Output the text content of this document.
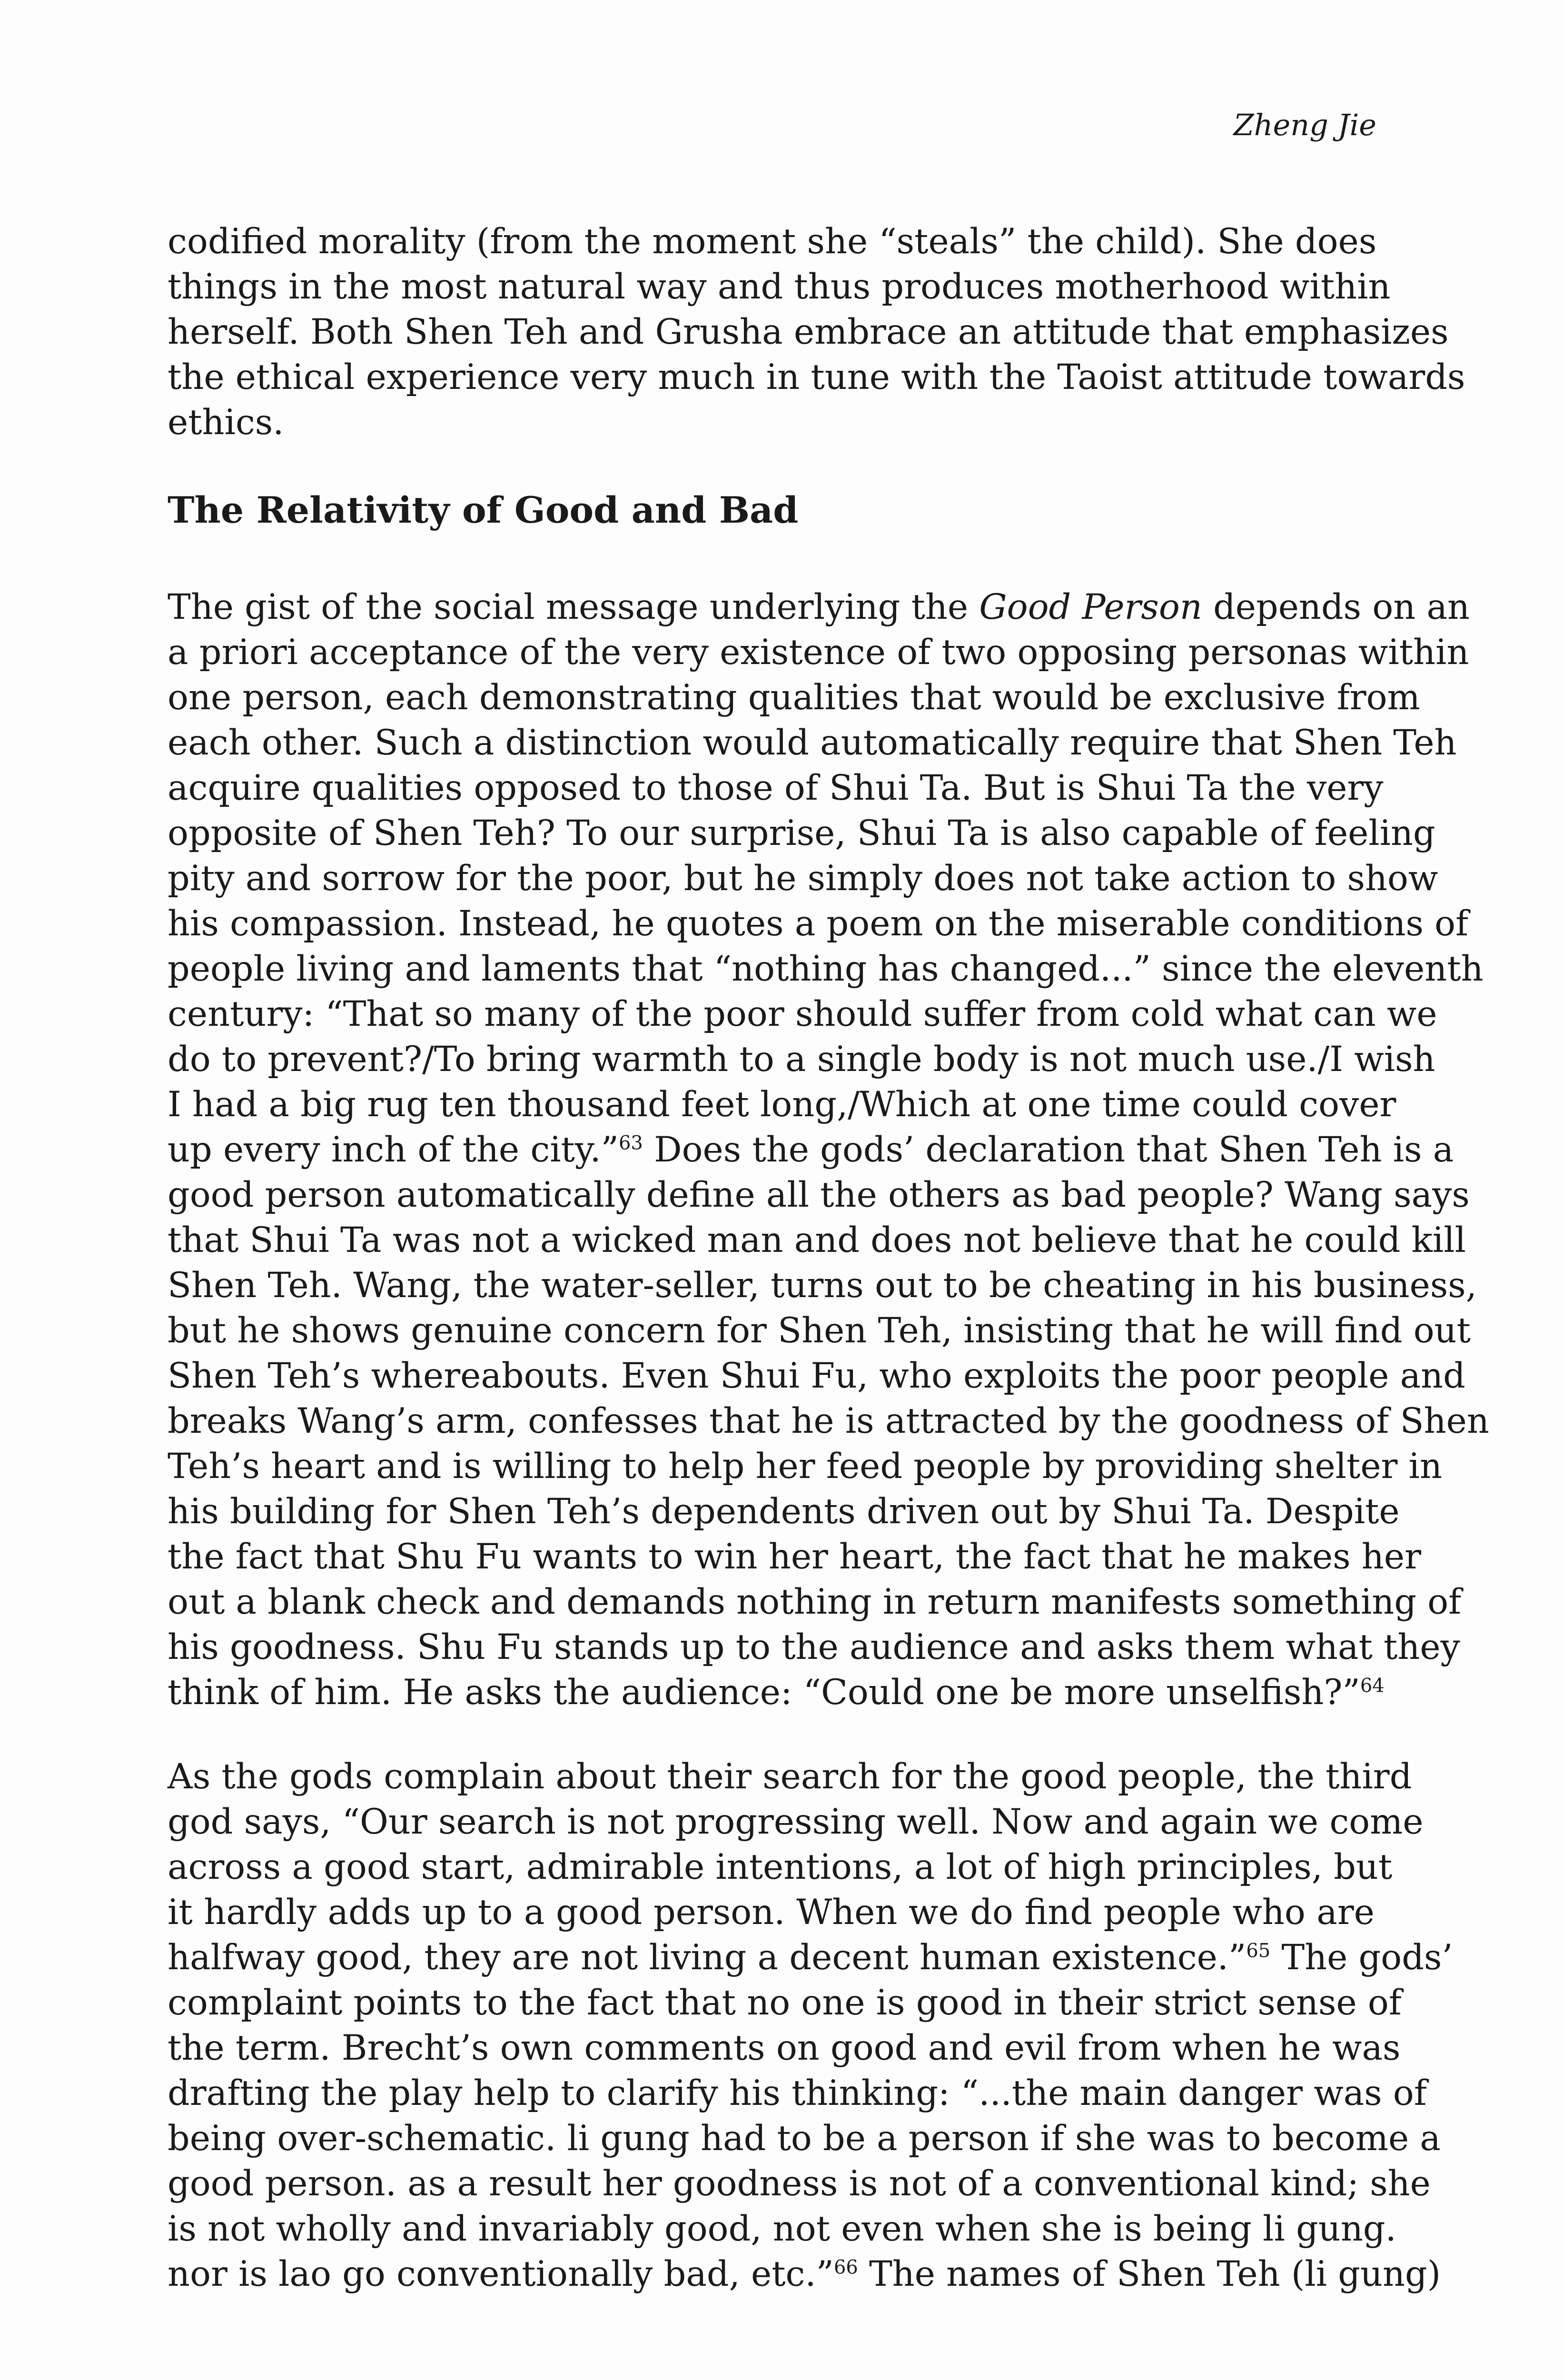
Zheng Jie

codified morality (from the moment she “steals” the child). She does
things in the most natural way and thus produces motherhood within
herself. Both Shen Teh and Grusha embrace an attitude that emphasizes
the ethical experience very much in tune with the Taoist attitude towards
ethics.

The Relativity of Good and Bad

The gist of the social message underlying the Good Person depends on an
a priori acceptance of the very existence of two opposing personas within
one person, each demonstrating qualities that would be exclusive from
each other. Such a distinction would automatically require that Shen Teh
acquire qualities opposed to those of Shui Ta. But is Shui Ta the very
opposite of Shen Teh? To our surprise, Shui Ta is also capable of feeling
pity and sorrow for the poor, but he simply does not take action to show
his compassion. Instead, he quotes a poem on the miserable conditions of
people living and laments that “nothing has changed...” since the eleventh
century: “That so many of the poor should suffer from cold what can we
do to prevent?/To bring warmth to a single body is not much use./I wish
I had a big rug ten thousand feet long,/Which at one time could cover
up every inch of the city.”$^{63}$ Does the gods’ declaration that Shen Teh is a
good person automatically define all the others as bad people? Wang says
that Shui Ta was not a wicked man and does not believe that he could kill
Shen Teh. Wang, the water-seller, turns out to be cheating in his business,
but he shows genuine concern for Shen Teh, insisting that he will find out
Shen Teh’s whereabouts. Even Shui Fu, who exploits the poor people and
breaks Wang’s arm, confesses that he is attracted by the goodness of Shen
Teh’s heart and is willing to help her feed people by providing shelter in
his building for Shen Teh’s dependents driven out by Shui Ta. Despite
the fact that Shu Fu wants to win her heart, the fact that he makes her
out a blank check and demands nothing in return manifests something of
his goodness. Shu Fu stands up to the audience and asks them what they
think of him. He asks the audience: “Could one be more unselfish?”$^{64}$

As the gods complain about their search for the good people, the third
god says, “Our search is not progressing well. Now and again we come
across a good start, admirable intentions, a lot of high principles, but
it hardly adds up to a good person. When we do find people who are
halfway good, they are not living a decent human existence.”$^{65}$ The gods’
complaint points to the fact that no one is good in their strict sense of
the term. Brecht’s own comments on good and evil from when he was
drafting the play help to clarify his thinking: “...the main danger was of
being over-schematic. li gung had to be a person if she was to become a
good person. as a result her goodness is not of a conventional kind; she
is not wholly and invariably good, not even when she is being li gung.
nor is lao go conventionally bad, etc.”$^{66}$ The names of Shen Teh (li gung)
